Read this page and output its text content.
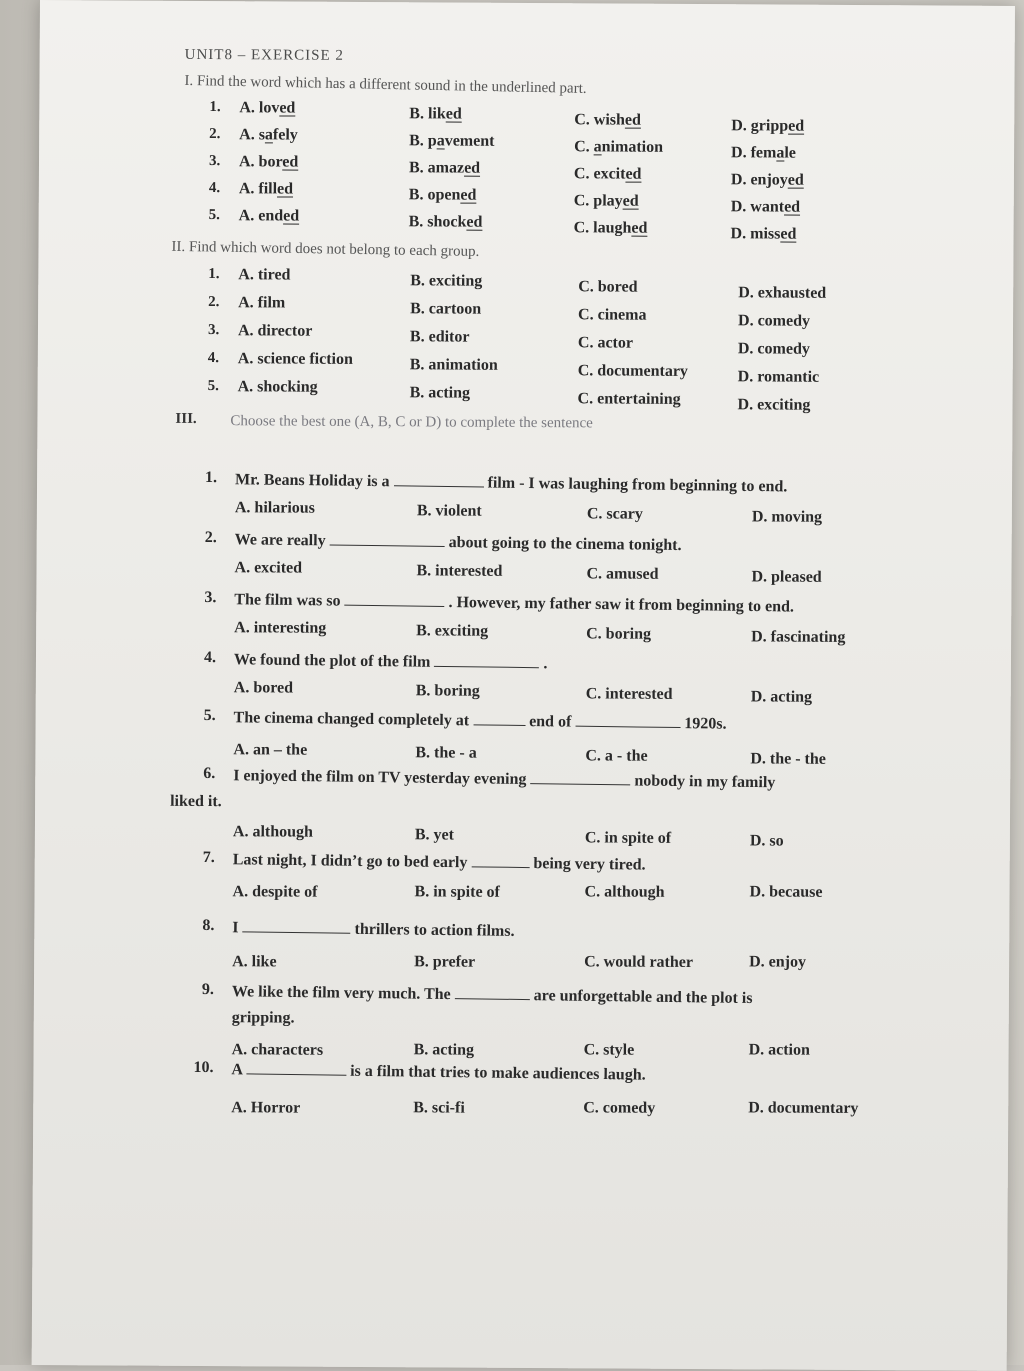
UNIT8 – EXERCISE 2
I. Find the word which has a different sound in the underlined part.
1. A. loved	B. liked	C. wished	D. gripped
2. A. safely	B. pavement	C. animation	D. female
3. A. bored	B. amazed	C. excited	D. enjoyed
4. A. filled	B. opened	C. played	D. wanted
5. A. ended	B. shocked	C. laughed	D. missed
II. Find which word does not belong to each group.
1. A. tired	B. exciting	C. bored	D. exhausted
2. A. film	B. cartoon	C. cinema	D. comedy
3. A. director	B. editor	C. actor	D. comedy
4. A. science fiction	B. animation	C. documentary	D. romantic
5. A. shocking	B. acting	C. entertaining	D. exciting
III. Choose the best one (A, B, C or D) to complete the sentence
1. Mr. Beans Holiday is a	film - I was laughing from beginning to end.
A. hilarious	B. violent	C. scary	D. moving
2. We are really	about going to the cinema tonight.
A. excited	B. interested	C. amused	D. pleased
3. The film was so	. However, my father saw it from beginning to end.
A. interesting	B. exciting	C. boring	D. fascinating
4. We found the plot of the film	.
A. bored	B. boring	C. interested	D. acting
5. The cinema changed completely at	end of	1920s.
A. an – the	B. the - a	C. a - the	D. the - the
6. I enjoyed the film on TV yesterday evening	nobody in my family
liked it.
A. although	B. yet	C. in spite of	D. so
7. Last night, I didn’t go to bed early	being very tired.
A. despite of	B. in spite of	C. although	D. because
8. I	thrillers to action films.
A. like	B. prefer	C. would rather	D. enjoy
9. We like the film very much. The	are unforgettable and the plot is
gripping.
A. characters	B. acting	C. style	D. action
10. A	is a film that tries to make audiences laugh.
A. Horror	B. sci-fi	C. comedy	D. documentary
